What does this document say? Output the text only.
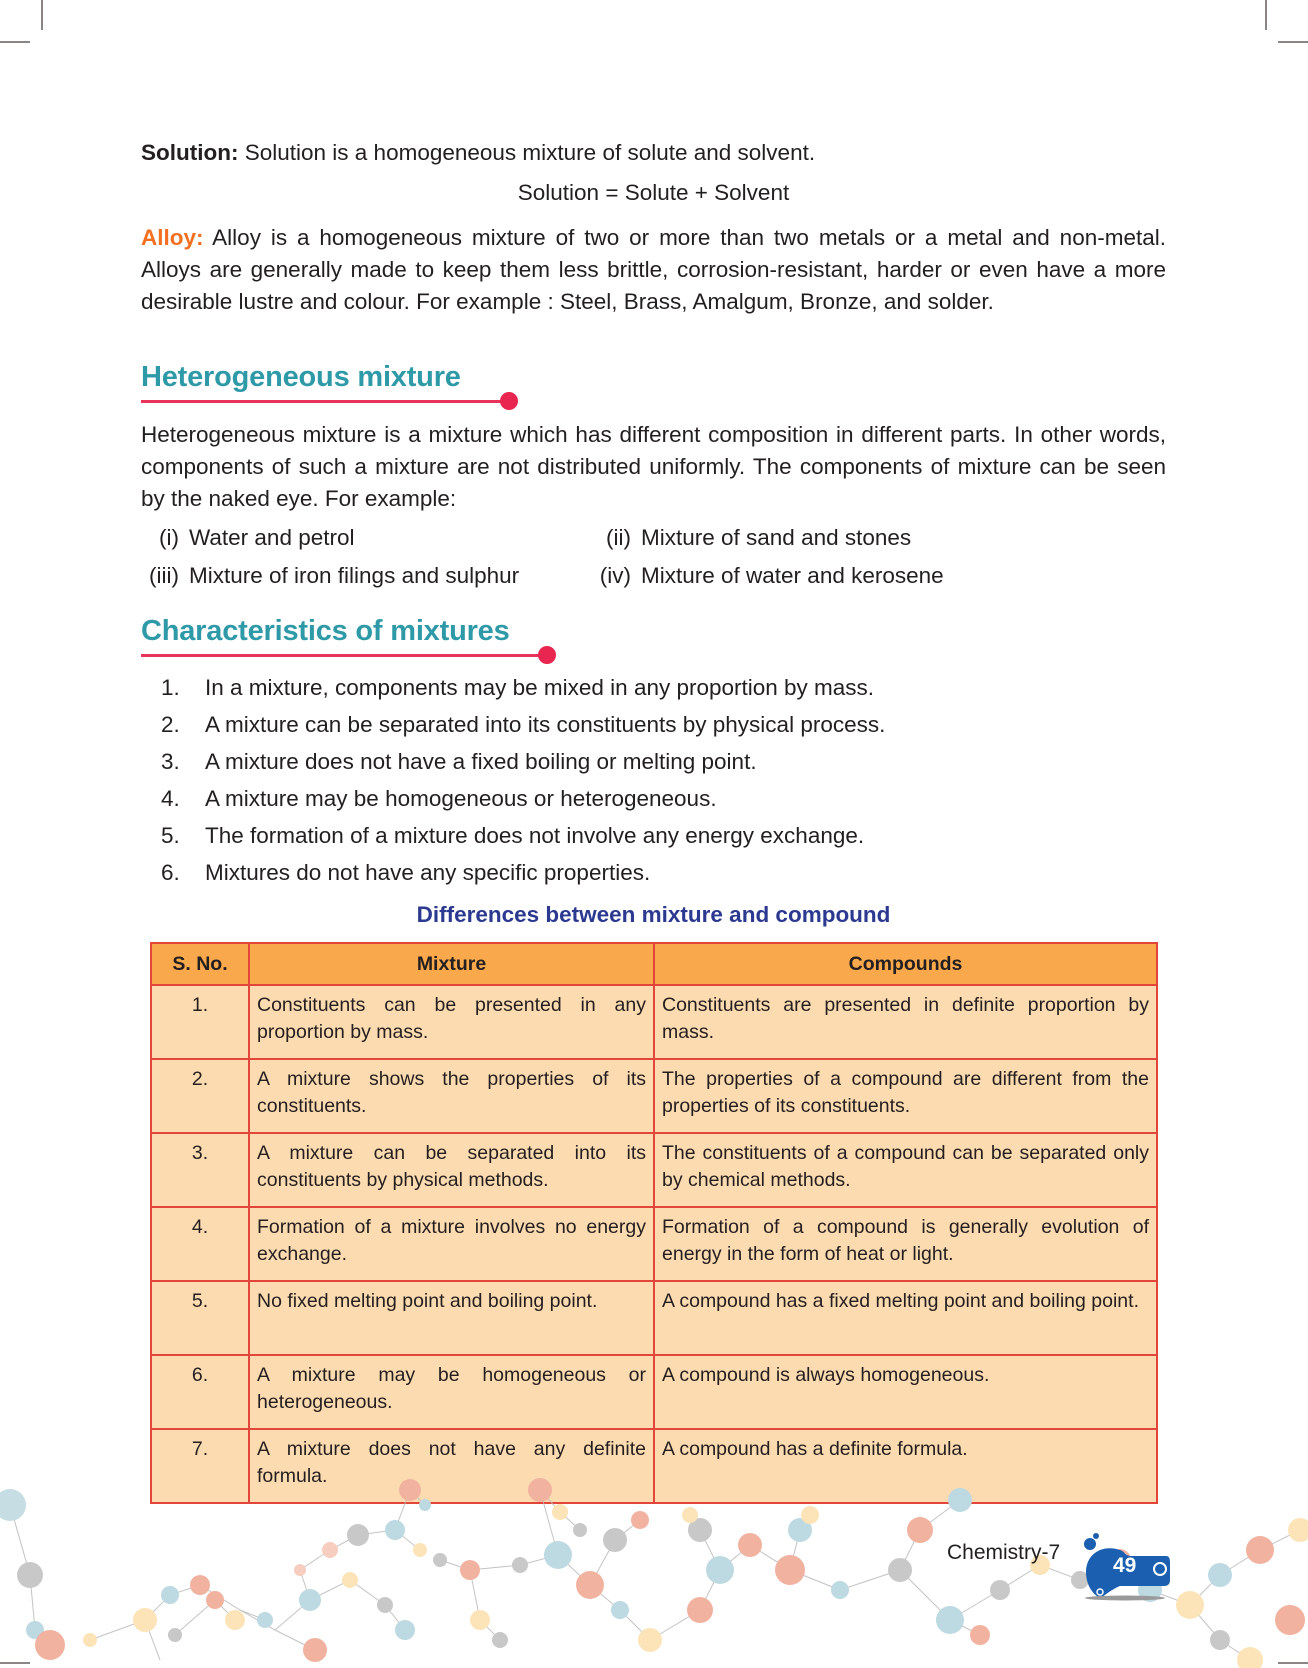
Solution: Solution is a homogeneous mixture of solute and solvent.
Solution = Solute + Solvent
Alloy: Alloy is a homogeneous mixture of two or more than two metals or a metal and non-metal. Alloys are generally made to keep them less brittle, corrosion-resistant, harder or even have a more desirable lustre and colour. For example : Steel, Brass, Amalgum, Bronze, and solder.
Heterogeneous mixture
Heterogeneous mixture is a mixture which has different composition in different parts. In other words, components of such a mixture are not distributed uniformly. The components of mixture can be seen by the naked eye. For example:
(i) Water and petrol	(ii) Mixture of sand and stones
(iii) Mixture of iron filings and sulphur	(iv) Mixture of water and kerosene
Characteristics of mixtures
1. In a mixture, components may be mixed in any proportion by mass.
2. A mixture can be separated into its constituents by physical process.
3. A mixture does not have a fixed boiling or melting point.
4. A mixture may be homogeneous or heterogeneous.
5. The formation of a mixture does not involve any energy exchange.
6. Mixtures do not have any specific properties.
Differences between mixture and compound
S. No.	Mixture	Compounds
1.	Constituents can be presented in any proportion by mass.	Constituents are presented in definite proportion by mass.
2.	A mixture shows the properties of its constituents.	The properties of a compound are different from the properties of its constituents.
3.	A mixture can be separated into its constituents by physical methods.	The constituents of a compound can be separated only by chemical methods.
4.	Formation of a mixture involves no energy exchange.	Formation of a compound is generally evolution of energy in the form of heat or light.
5.	No fixed melting point and boiling point.	A compound has a fixed melting point and boiling point.
6.	A mixture may be homogeneous or heterogeneous.	A compound is always homogeneous.
7.	A mixture does not have any definite formula.	A compound has a definite formula.
Chemistry-7
49
